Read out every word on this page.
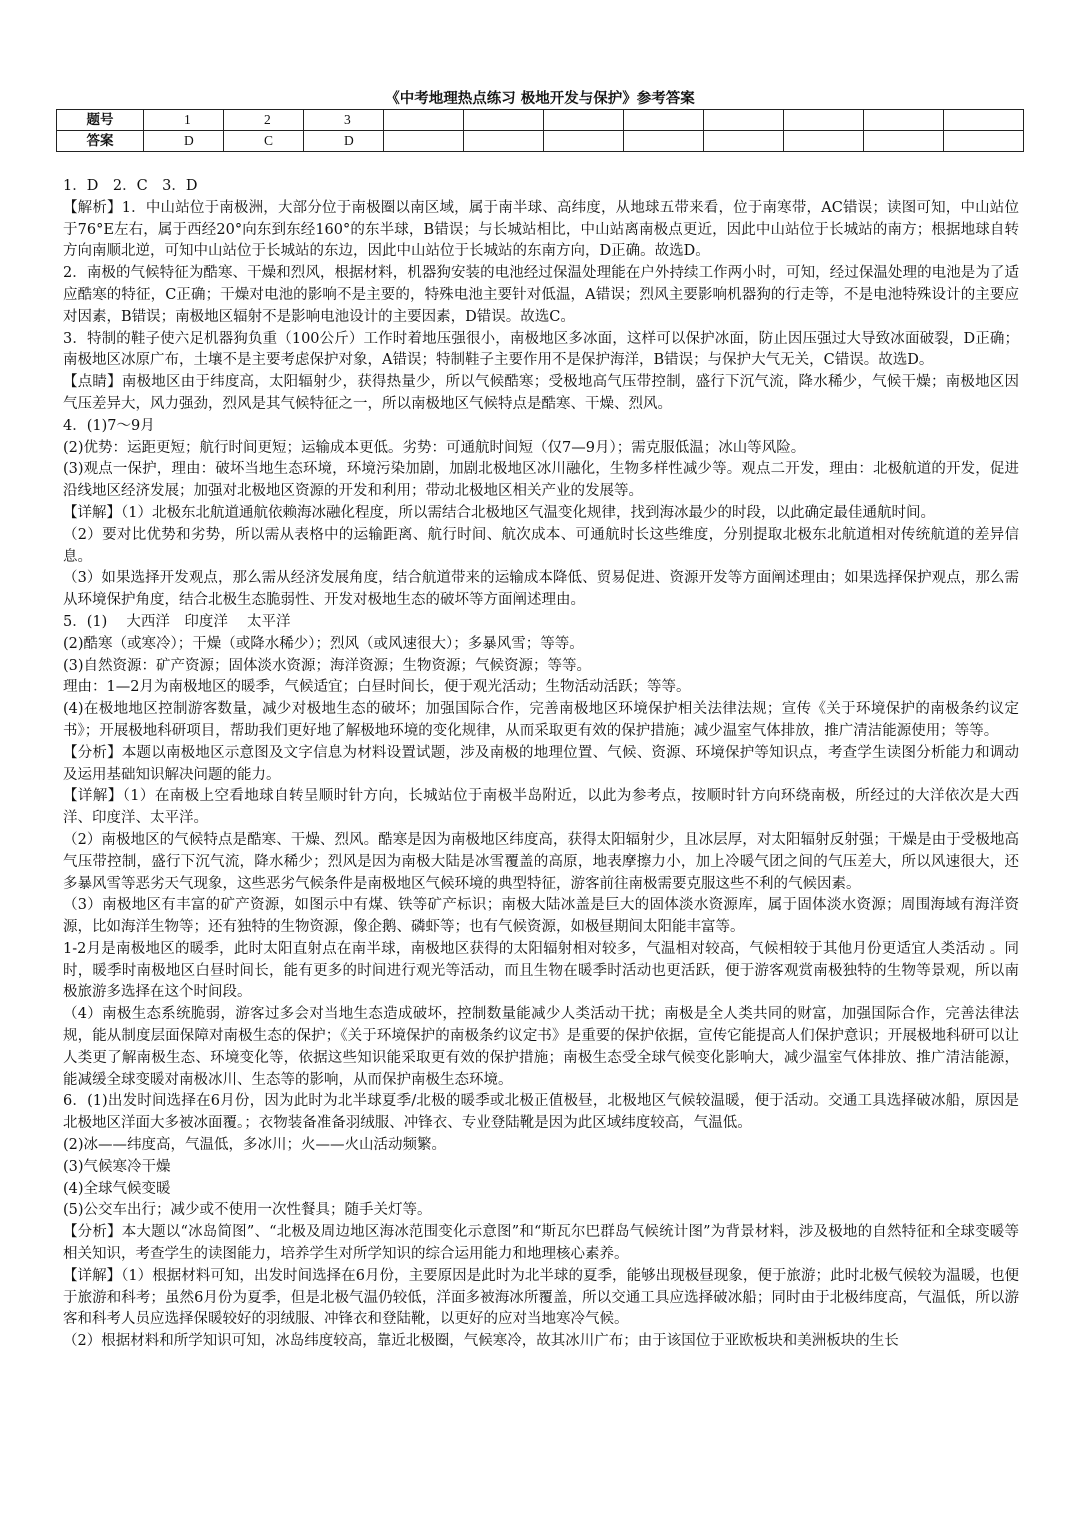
《中考地理热点练习 极地开发与保护》参考答案
题号	1	2	3								
答案	D	C	D								

1．D　2．C　3．D

【解析】1．中山站位于南极洲，大部分位于南极圈以南区域，属于南半球、高纬度，从地球五带来看，位于南寒带，AC错误；读图可知，中山站位于76°E左右，属于西经20°向东到东经160°的东半球，B错误；与长城站相比，中山站离南极点更近，因此中山站位于长城站的南方；根据地球自转方向南顺北逆，可知中山站位于长城站的东边，因此中山站位于长城站的东南方向，D正确。故选D。

2．南极的气候特征为酷寒、干燥和烈风，根据材料，机器狗安装的电池经过保温处理能在户外持续工作两小时，可知，经过保温处理的电池是为了适应酷寒的特征，C正确；干燥对电池的影响不是主要的，特殊电池主要针对低温，A错误；烈风主要影响机器狗的行走等，不是电池特殊设计的主要应对因素，B错误；南极地区辐射不是影响电池设计的主要因素，D错误。故选C。

3．特制的鞋子使六足机器狗负重（100公斤）工作时着地压强很小，南极地区多冰面，这样可以保护冰面，防止因压强过大导致冰面破裂，D正确；南极地区冰原广布，土壤不是主要考虑保护对象，A错误；特制鞋子主要作用不是保护海洋，B错误；与保护大气无关，C错误。故选D。

【点睛】南极地区由于纬度高，太阳辐射少，获得热量少，所以气候酷寒；受极地高气压带控制，盛行下沉气流，降水稀少，气候干燥；南极地区因气压差异大，风力强劲，烈风是其气候特征之一，所以南极地区气候特点是酷寒、干燥、烈风。

4．(1)7～9月

(2)优势：运距更短；航行时间更短；运输成本更低。劣势：可通航时间短（仅7—9月）；需克服低温；冰山等风险。

(3)观点一保护，理由：破坏当地生态环境，环境污染加剧，加剧北极地区冰川融化，生物多样性减少等。观点二开发，理由：北极航道的开发，促进沿线地区经济发展；加强对北极地区资源的开发和利用；带动北极地区相关产业的发展等。

【详解】（1）北极东北航道通航依赖海冰融化程度，所以需结合北极地区气温变化规律，找到海冰最少的时段，以此确定最佳通航时间。

（2）要对比优势和劣势，所以需从表格中的运输距离、航行时间、航次成本、可通航时长这些维度，分别提取北极东北航道相对传统航道的差异信息。

（3）如果选择开发观点，那么需从经济发展角度，结合航道带来的运输成本降低、贸易促进、资源开发等方面阐述理由；如果选择保护观点，那么需从环境保护角度，结合北极生态脆弱性、开发对极地生态的破坏等方面阐述理由。

5．(1)　 大西洋　印度洋　 太平洋

(2)酷寒（或寒冷）；干燥（或降水稀少）；烈风（或风速很大）；多暴风雪；等等。

(3)自然资源：矿产资源；固体淡水资源；海洋资源；生物资源；气候资源；等等。

理由：1—2月为南极地区的暖季，气候适宜；白昼时间长，便于观光活动；生物活动活跃；等等。

(4)在极地地区控制游客数量，减少对极地生态的破坏；加强国际合作，完善南极地区环境保护相关法律法规；宣传《关于环境保护的南极条约议定书》；开展极地科研项目，帮助我们更好地了解极地环境的变化规律，从而采取更有效的保护措施；减少温室气体排放，推广清洁能源使用；等等。

【分析】本题以南极地区示意图及文字信息为材料设置试题，涉及南极的地理位置、气候、资源、环境保护等知识点，考查学生读图分析能力和调动及运用基础知识解决问题的能力。

【详解】（1）在南极上空看地球自转呈顺时针方向，长城站位于南极半岛附近，以此为参考点，按顺时针方向环绕南极，所经过的大洋依次是大西洋、印度洋、太平洋。

（2）南极地区的气候特点是酷寒、干燥、烈风。酷寒是因为南极地区纬度高，获得太阳辐射少，且冰层厚，对太阳辐射反射强；干燥是由于受极地高气压带控制，盛行下沉气流，降水稀少；烈风是因为南极大陆是冰雪覆盖的高原，地表摩擦力小，加上冷暖气团之间的气压差大，所以风速很大，还多暴风雪等恶劣天气现象，这些恶劣气候条件是南极地区气候环境的典型特征，游客前往南极需要克服这些不利的气候因素。

（3）南极地区有丰富的矿产资源，如图示中有煤、铁等矿产标识；南极大陆冰盖是巨大的固体淡水资源库，属于固体淡水资源；周围海域有海洋资源，比如海洋生物等；还有独特的生物资源，像企鹅、磷虾等；也有气候资源，如极昼期间太阳能丰富等。

1-2月是南极地区的暖季，此时太阳直射点在南半球，南极地区获得的太阳辐射相对较多，气温相对较高，气候相较于其他月份更适宜人类活动 。同时，暖季时南极地区白昼时间长，能有更多的时间进行观光等活动，而且生物在暖季时活动也更活跃，便于游客观赏南极独特的生物等景观，所以南极旅游多选择在这个时间段。

（4）南极生态系统脆弱，游客过多会对当地生态造成破坏，控制数量能减少人类活动干扰；南极是全人类共同的财富，加强国际合作，完善法律法规，能从制度层面保障对南极生态的保护；《关于环境保护的南极条约议定书》是重要的保护依据，宣传它能提高人们保护意识；开展极地科研可以让人类更了解南极生态、环境变化等，依据这些知识能采取更有效的保护措施；南极生态受全球气候变化影响大，减少温室气体排放、推广清洁能源，能减缓全球变暖对南极冰川、生态等的影响，从而保护南极生态环境。

6．(1)出发时间选择在6月份，因为此时为北半球夏季/北极的暖季或北极正值极昼，北极地区气候较温暖，便于活动。交通工具选择破冰船，原因是北极地区洋面大多被冰面覆。；衣物装备准备羽绒服、冲锋衣、专业登陆靴是因为此区域纬度较高，气温低。

(2)冰——纬度高，气温低，多冰川；火——火山活动频繁。

(3)气候寒冷干燥

(4)全球气候变暖

(5)公交车出行；减少或不使用一次性餐具；随手关灯等。

【分析】本大题以“冰岛简图”、“北极及周边地区海冰范围变化示意图”和“斯瓦尔巴群岛气候统计图”为背景材料，涉及极地的自然特征和全球变暖等相关知识，考查学生的读图能力，培养学生对所学知识的综合运用能力和地理核心素养。

【详解】（1）根据材料可知，出发时间选择在6月份，主要原因是此时为北半球的夏季，能够出现极昼现象，便于旅游；此时北极气候较为温暖，也便于旅游和科考；虽然6月份为夏季，但是北极气温仍较低，洋面多被海冰所覆盖，所以交通工具应选择破冰船；同时由于北极纬度高，气温低，所以游客和科考人员应选择保暖较好的羽绒服、冲锋衣和登陆靴，以更好的应对当地寒冷气候。

（2）根据材料和所学知识可知，冰岛纬度较高，靠近北极圈，气候寒冷，故其冰川广布；由于该国位于亚欧板块和美洲板块的生长
